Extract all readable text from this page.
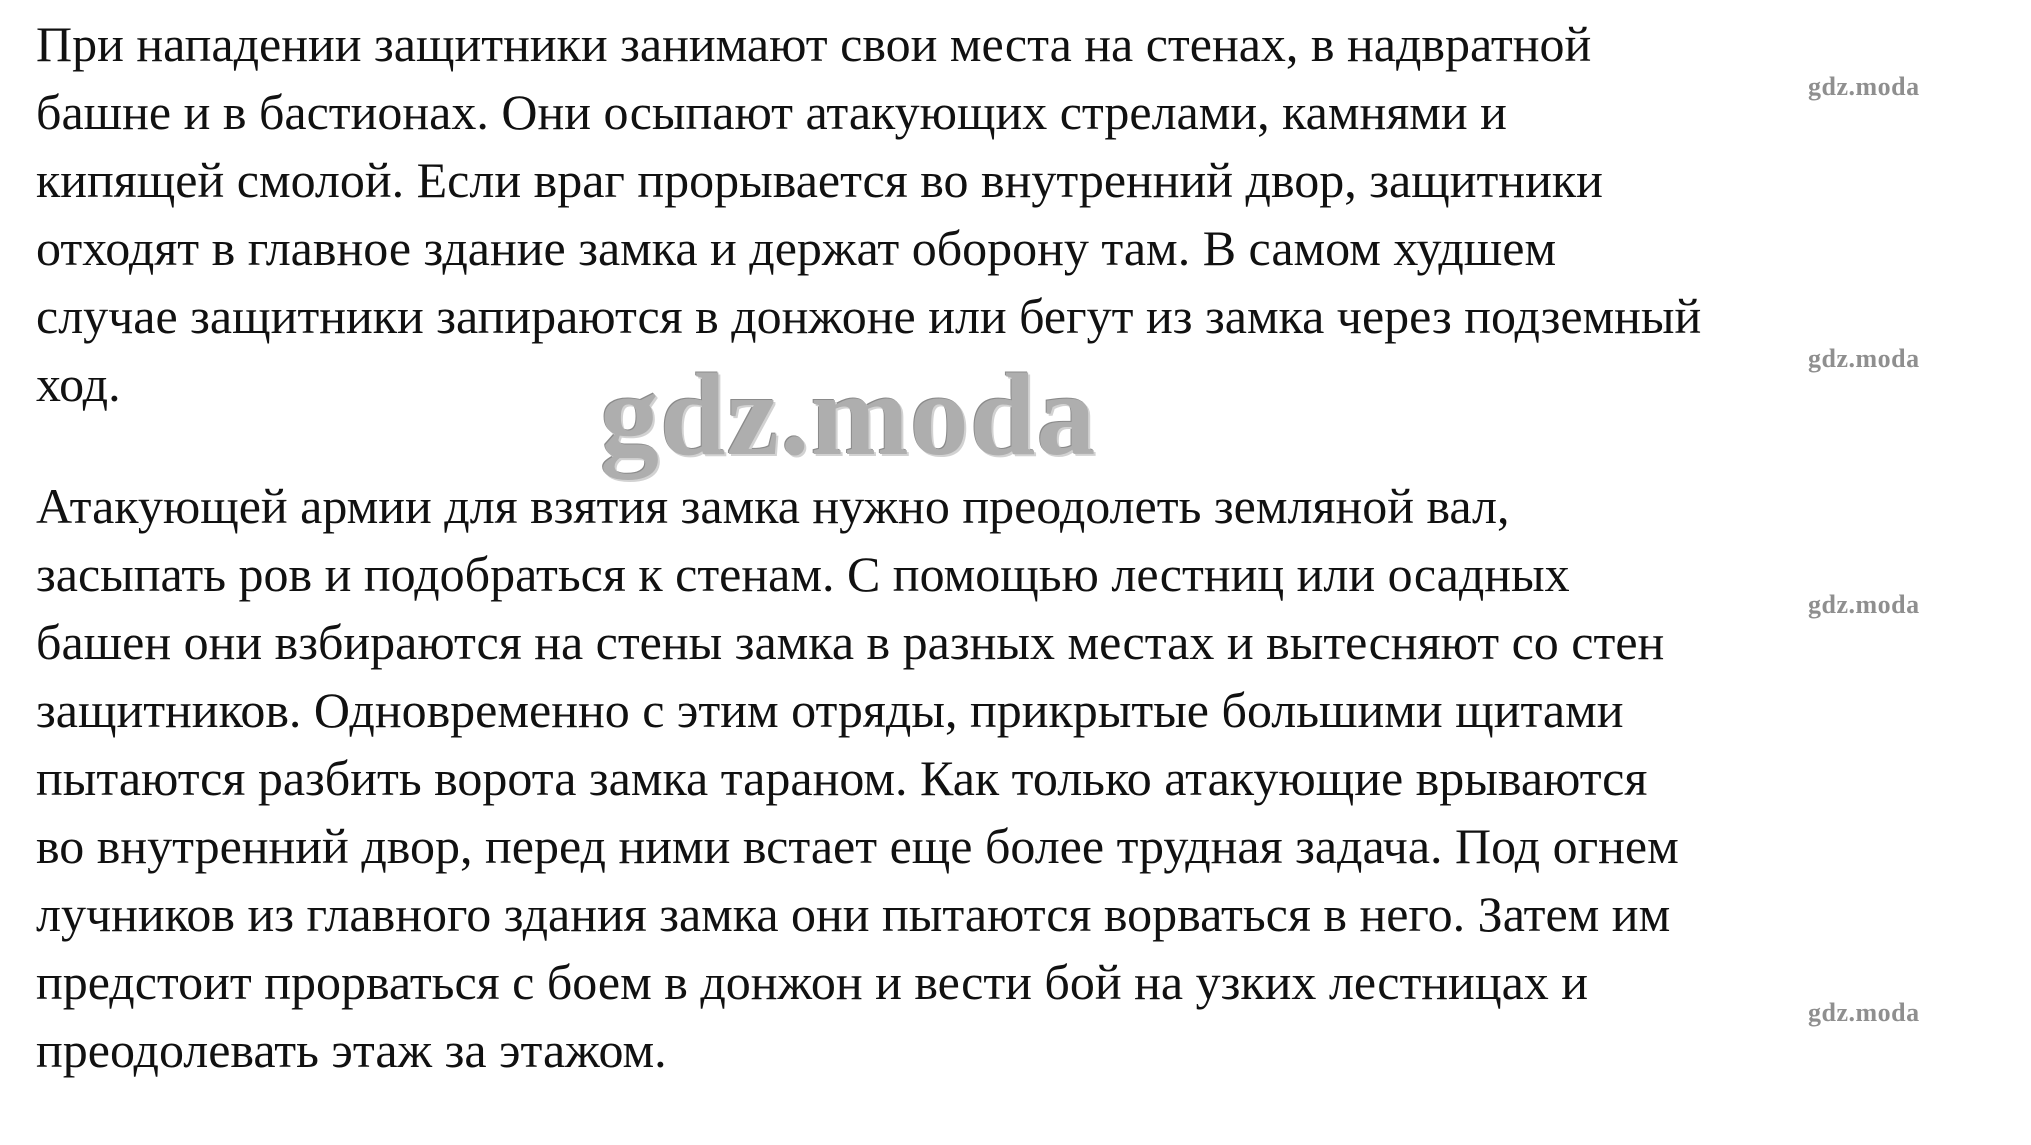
При нападении защитники занимают свои места на стенах, в надвратной
башне и в бастионах. Они осыпают атакующих стрелами, камнями и
кипящей смолой. Если враг прорывается во внутренний двор, защитники
отходят в главное здание замка и держат оборону там. В самом худшем
случае защитники запираются в донжоне или бегут из замка через подземный
ход.

Атакующей армии для взятия замка нужно преодолеть земляной вал,
засыпать ров и подобраться к стенам. С помощью лестниц или осадных
башен они взбираются на стены замка в разных местах и вытесняют со стен
защитников. Одновременно с этим отряды, прикрытые большими щитами
пытаются разбить ворота замка тараном. Как только атакующие врываются
во внутренний двор, перед ними встает еще более трудная задача. Под огнем
лучников из главного здания замка они пытаются ворваться в него. Затем им
предстоит прорваться с боем в донжон и вести бой на узких лестницах и
преодолевать этаж за этажом.

gdz.moda
gdz.moda
gdz.moda
gdz.moda
gdz.moda
